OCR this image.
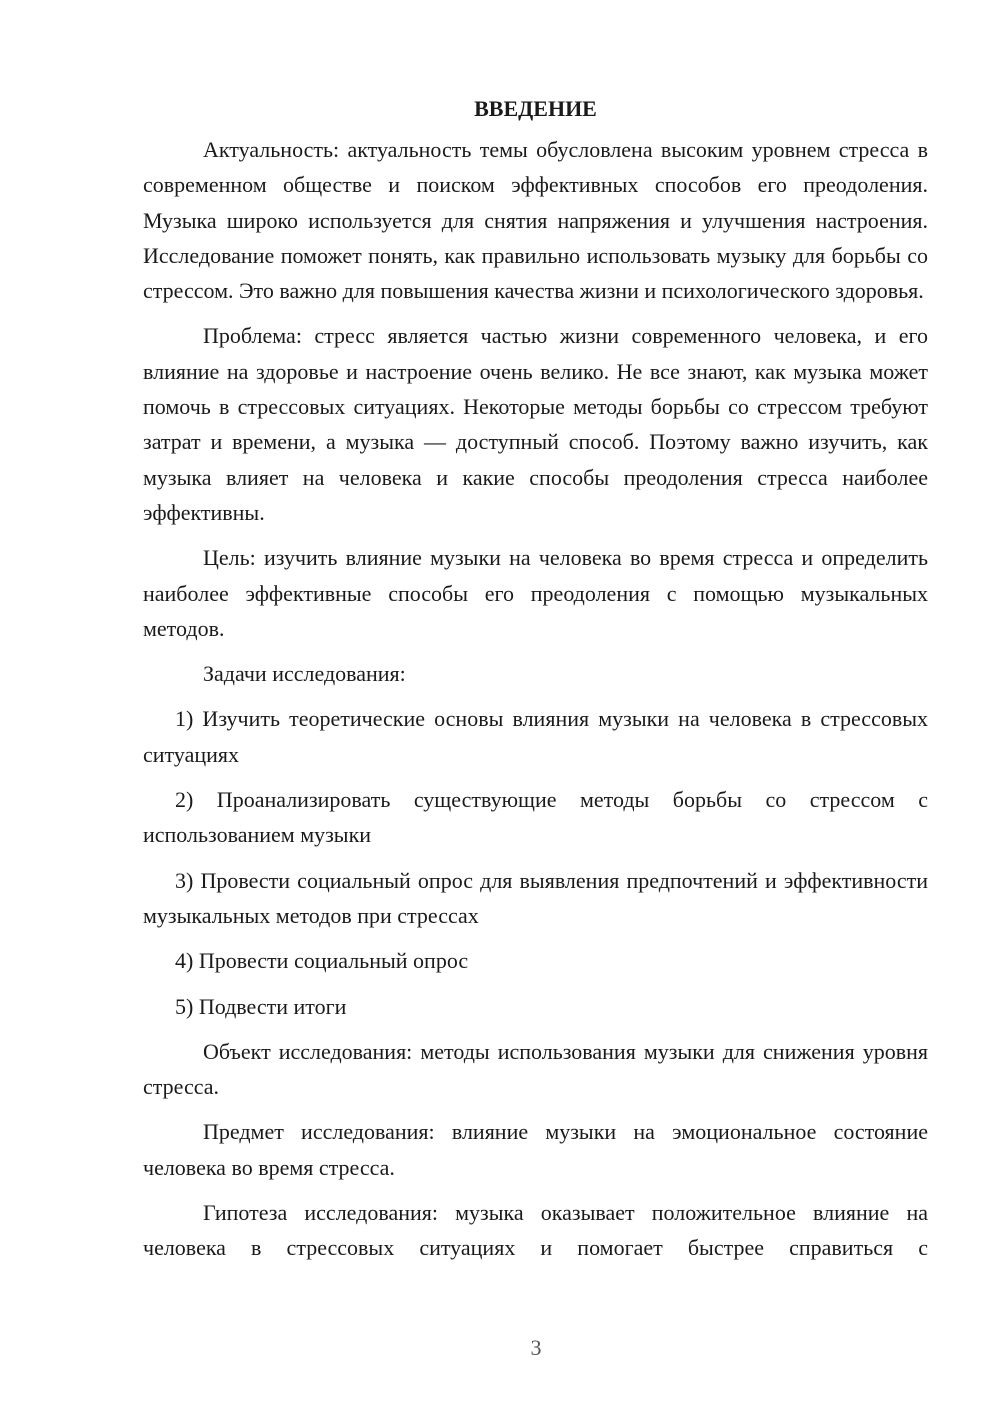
ВВЕДЕНИЕ

Актуальность: актуальность темы обусловлена высоким уровнем стресса в современном обществе и поиском эффективных способов его преодоления. Музыка широко используется для снятия напряжения и улучшения настроения. Исследование поможет понять, как правильно использовать музыку для борьбы со стрессом. Это важно для повышения качества жизни и психологического здоровья.

Проблема: стресс является частью жизни современного человека, и его влияние на здоровье и настроение очень велико. Не все знают, как музыка может помочь в стрессовых ситуациях. Некоторые методы борьбы со стрессом требуют затрат и времени, а музыка — доступный способ. Поэтому важно изучить, как музыка влияет на человека и какие способы преодоления стресса наиболее эффективны.

Цель: изучить влияние музыки на человека во время стресса и определить наиболее эффективные способы его преодоления с помощью музыкальных методов.

Задачи исследования:

1) Изучить теоретические основы влияния музыки на человека в стрессовых ситуациях

2) Проанализировать существующие методы борьбы со стрессом с использованием музыки

3) Провести социальный опрос для выявления предпочтений и эффективности музыкальных методов при стрессах

4) Провести социальный опрос

5) Подвести итоги

Объект исследования: методы использования музыки для снижения уровня стресса.

Предмет исследования: влияние музыки на эмоциональное состояние человека во время стресса.

Гипотеза исследования: музыка оказывает положительное влияние на человека в стрессовых ситуациях и помогает быстрее справиться с

3
